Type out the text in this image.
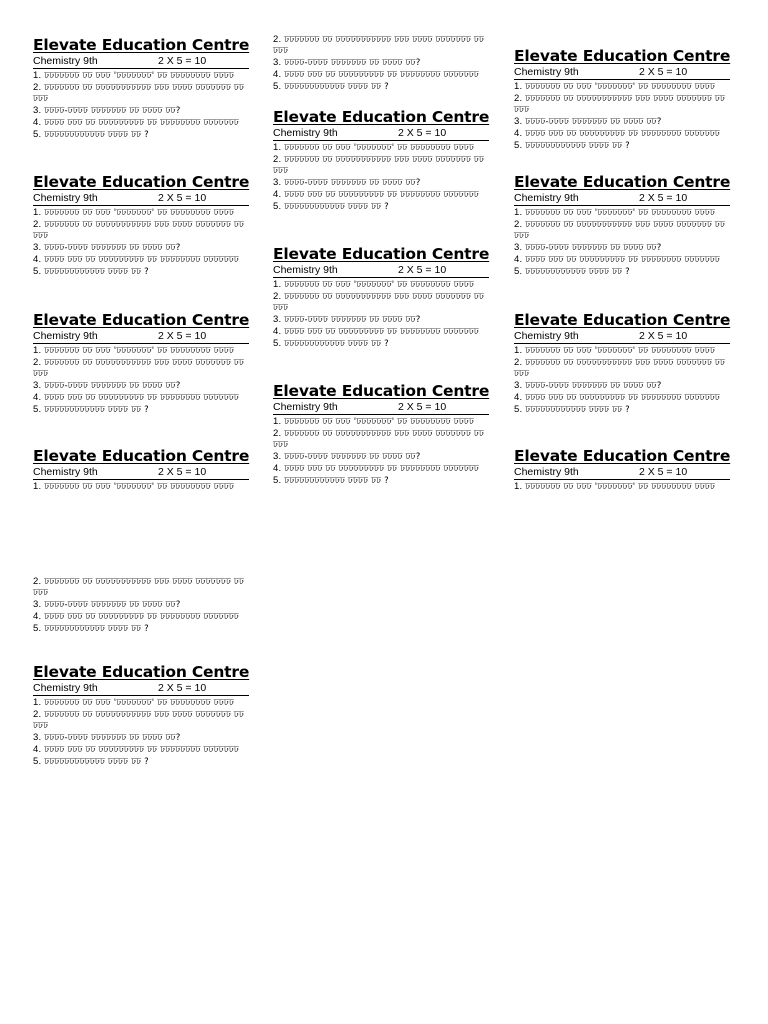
Elevate Education Centre
Chemistry 9th	2 X 5 = 10

1. ঢঢঢঢঢঢঢ ঢঢ ঢঢঢ 'ঢঢঢঢঢঢঢ' ঢঢ ঢঢঢঢঢঢঢঢ ঢঢঢঢ

2. ঢঢঢঢঢঢঢ ঢঢ ঢঢঢঢঢঢঢঢঢঢঢ ঢঢঢ ঢঢঢঢ ঢঢঢঢঢঢঢ ঢঢঢঢঢ

3. ঢঢঢঢ-ঢঢঢঢ ঢঢঢঢঢঢঢ ঢঢ ঢঢঢঢ ঢঢ?

4. ঢঢঢঢ ঢঢঢ ঢঢ ঢঢঢঢঢঢঢঢঢ ঢঢ ঢঢঢঢঢঢঢঢ ঢঢঢঢঢঢঢ

5. ঢঢঢঢঢঢঢঢঢঢঢঢ ঢঢঢঢ ঢঢ ?

Elevate Education Centre
Chemistry 9th	2 X 5 = 10

1. ঢঢঢঢঢঢঢ ঢঢ ঢঢঢ 'ঢঢঢঢঢঢঢ' ঢঢ ঢঢঢঢঢঢঢঢ ঢঢঢঢ

2. ঢঢঢঢঢঢঢ ঢঢ ঢঢঢঢঢঢঢঢঢঢঢ ঢঢঢ ঢঢঢঢ ঢঢঢঢঢঢঢ ঢঢঢঢঢ

3. ঢঢঢঢ-ঢঢঢঢ ঢঢঢঢঢঢঢ ঢঢ ঢঢঢঢ ঢঢ?

4. ঢঢঢঢ ঢঢঢ ঢঢ ঢঢঢঢঢঢঢঢঢ ঢঢ ঢঢঢঢঢঢঢঢ ঢঢঢঢঢঢঢ

5. ঢঢঢঢঢঢঢঢঢঢঢঢ ঢঢঢঢ ঢঢ ?

Elevate Education Centre
Chemistry 9th	2 X 5 = 10

1. ঢঢঢঢঢঢঢ ঢঢ ঢঢঢ 'ঢঢঢঢঢঢঢ' ঢঢ ঢঢঢঢঢঢঢঢ ঢঢঢঢ

2. ঢঢঢঢঢঢঢ ঢঢ ঢঢঢঢঢঢঢঢঢঢঢ ঢঢঢ ঢঢঢঢ ঢঢঢঢঢঢঢ ঢঢঢঢঢ

3. ঢঢঢঢ-ঢঢঢঢ ঢঢঢঢঢঢঢ ঢঢ ঢঢঢঢ ঢঢ?

4. ঢঢঢঢ ঢঢঢ ঢঢ ঢঢঢঢঢঢঢঢঢ ঢঢ ঢঢঢঢঢঢঢঢ ঢঢঢঢঢঢঢ

5. ঢঢঢঢঢঢঢঢঢঢঢঢ ঢঢঢঢ ঢঢ ?

Elevate Education Centre
Chemistry 9th	2 X 5 = 10

1. ঢঢঢঢঢঢঢ ঢঢ ঢঢঢ 'ঢঢঢঢঢঢঢ' ঢঢ ঢঢঢঢঢঢঢঢ ঢঢঢঢ

2. ঢঢঢঢঢঢঢ ঢঢ ঢঢঢঢঢঢঢঢঢঢঢ ঢঢঢ ঢঢঢঢ ঢঢঢঢঢঢঢ ঢঢঢঢঢ

3. ঢঢঢঢ-ঢঢঢঢ ঢঢঢঢঢঢঢ ঢঢ ঢঢঢঢ ঢঢ?

4. ঢঢঢঢ ঢঢঢ ঢঢ ঢঢঢঢঢঢঢঢঢ ঢঢ ঢঢঢঢঢঢঢঢ ঢঢঢঢঢঢঢ

5. ঢঢঢঢঢঢঢঢঢঢঢঢ ঢঢঢঢ ঢঢ ?

Elevate Education Centre
Chemistry 9th	2 X 5 = 10

1. ঢঢঢঢঢঢঢ ঢঢ ঢঢঢ 'ঢঢঢঢঢঢঢ' ঢঢ ঢঢঢঢঢঢঢঢ ঢঢঢঢ

2. ঢঢঢঢঢঢঢ ঢঢ ঢঢঢঢঢঢঢঢঢঢঢ ঢঢঢ ঢঢঢঢ ঢঢঢঢঢঢঢ ঢঢঢঢঢ

3. ঢঢঢঢ-ঢঢঢঢ ঢঢঢঢঢঢঢ ঢঢ ঢঢঢঢ ঢঢ?

4. ঢঢঢঢ ঢঢঢ ঢঢ ঢঢঢঢঢঢঢঢঢ ঢঢ ঢঢঢঢঢঢঢঢ ঢঢঢঢঢঢঢ

5. ঢঢঢঢঢঢঢঢঢঢঢঢ ঢঢঢঢ ঢঢ ?

2. ঢঢঢঢঢঢঢ ঢঢ ঢঢঢঢঢঢঢঢঢঢঢ ঢঢঢ ঢঢঢঢ ঢঢঢঢঢঢঢ ঢঢঢঢঢ

3. ঢঢঢঢ-ঢঢঢঢ ঢঢঢঢঢঢঢ ঢঢ ঢঢঢঢ ঢঢ?

4. ঢঢঢঢ ঢঢঢ ঢঢ ঢঢঢঢঢঢঢঢঢ ঢঢ ঢঢঢঢঢঢঢঢ ঢঢঢঢঢঢঢ

5. ঢঢঢঢঢঢঢঢঢঢঢঢ ঢঢঢঢ ঢঢ ?

Elevate Education Centre
Chemistry 9th	2 X 5 = 10

1. ঢঢঢঢঢঢঢ ঢঢ ঢঢঢ 'ঢঢঢঢঢঢঢ' ঢঢ ঢঢঢঢঢঢঢঢ ঢঢঢঢ

2. ঢঢঢঢঢঢঢ ঢঢ ঢঢঢঢঢঢঢঢঢঢঢ ঢঢঢ ঢঢঢঢ ঢঢঢঢঢঢঢ ঢঢঢঢঢ

3. ঢঢঢঢ-ঢঢঢঢ ঢঢঢঢঢঢঢ ঢঢ ঢঢঢঢ ঢঢ?

4. ঢঢঢঢ ঢঢঢ ঢঢ ঢঢঢঢঢঢঢঢঢ ঢঢ ঢঢঢঢঢঢঢঢ ঢঢঢঢঢঢঢ

5. ঢঢঢঢঢঢঢঢঢঢঢঢ ঢঢঢঢ ঢঢ ?

Elevate Education Centre
Chemistry 9th	2 X 5 = 10

1. ঢঢঢঢঢঢঢ ঢঢ ঢঢঢ 'ঢঢঢঢঢঢঢ' ঢঢ ঢঢঢঢঢঢঢঢ ঢঢঢঢ

2. ঢঢঢঢঢঢঢ ঢঢ ঢঢঢঢঢঢঢঢঢঢঢ ঢঢঢ ঢঢঢঢ ঢঢঢঢঢঢঢ ঢঢঢঢঢ

3. ঢঢঢঢ-ঢঢঢঢ ঢঢঢঢঢঢঢ ঢঢ ঢঢঢঢ ঢঢ?

4. ঢঢঢঢ ঢঢঢ ঢঢ ঢঢঢঢঢঢঢঢঢ ঢঢ ঢঢঢঢঢঢঢঢ ঢঢঢঢঢঢঢ

5. ঢঢঢঢঢঢঢঢঢঢঢঢ ঢঢঢঢ ঢঢ ?

Elevate Education Centre
Chemistry 9th	2 X 5 = 10

1. ঢঢঢঢঢঢঢ ঢঢ ঢঢঢ 'ঢঢঢঢঢঢঢ' ঢঢ ঢঢঢঢঢঢঢঢ ঢঢঢঢ

2. ঢঢঢঢঢঢঢ ঢঢ ঢঢঢঢঢঢঢঢঢঢঢ ঢঢঢ ঢঢঢঢ ঢঢঢঢঢঢঢ ঢঢঢঢঢ

3. ঢঢঢঢ-ঢঢঢঢ ঢঢঢঢঢঢঢ ঢঢ ঢঢঢঢ ঢঢ?

4. ঢঢঢঢ ঢঢঢ ঢঢ ঢঢঢঢঢঢঢঢঢ ঢঢ ঢঢঢঢঢঢঢঢ ঢঢঢঢঢঢঢ

5. ঢঢঢঢঢঢঢঢঢঢঢঢ ঢঢঢঢ ঢঢ ?

Elevate Education Centre
Chemistry 9th	2 X 5 = 10

1. ঢঢঢঢঢঢঢ ঢঢ ঢঢঢ 'ঢঢঢঢঢঢঢ' ঢঢ ঢঢঢঢঢঢঢঢ ঢঢঢঢ

2. ঢঢঢঢঢঢঢ ঢঢ ঢঢঢঢঢঢঢঢঢঢঢ ঢঢঢ ঢঢঢঢ ঢঢঢঢঢঢঢ ঢঢঢঢঢ

3. ঢঢঢঢ-ঢঢঢঢ ঢঢঢঢঢঢঢ ঢঢ ঢঢঢঢ ঢঢ?

4. ঢঢঢঢ ঢঢঢ ঢঢ ঢঢঢঢঢঢঢঢঢ ঢঢ ঢঢঢঢঢঢঢঢ ঢঢঢঢঢঢঢ

5. ঢঢঢঢঢঢঢঢঢঢঢঢ ঢঢঢঢ ঢঢ ?

Elevate Education Centre
Chemistry 9th	2 X 5 = 10

1. ঢঢঢঢঢঢঢ ঢঢ ঢঢঢ 'ঢঢঢঢঢঢঢ' ঢঢ ঢঢঢঢঢঢঢঢ ঢঢঢঢ

2. ঢঢঢঢঢঢঢ ঢঢ ঢঢঢঢঢঢঢঢঢঢঢ ঢঢঢ ঢঢঢঢ ঢঢঢঢঢঢঢ ঢঢঢঢঢ

3. ঢঢঢঢ-ঢঢঢঢ ঢঢঢঢঢঢঢ ঢঢ ঢঢঢঢ ঢঢ?

4. ঢঢঢঢ ঢঢঢ ঢঢ ঢঢঢঢঢঢঢঢঢ ঢঢ ঢঢঢঢঢঢঢঢ ঢঢঢঢঢঢঢ

5. ঢঢঢঢঢঢঢঢঢঢঢঢ ঢঢঢঢ ঢঢ ?

Elevate Education Centre
Chemistry 9th	2 X 5 = 10

1. ঢঢঢঢঢঢঢ ঢঢ ঢঢঢ 'ঢঢঢঢঢঢঢ' ঢঢ ঢঢঢঢঢঢঢঢ ঢঢঢঢ

2. ঢঢঢঢঢঢঢ ঢঢ ঢঢঢঢঢঢঢঢঢঢঢ ঢঢঢ ঢঢঢঢ ঢঢঢঢঢঢঢ ঢঢঢঢঢ

3. ঢঢঢঢ-ঢঢঢঢ ঢঢঢঢঢঢঢ ঢঢ ঢঢঢঢ ঢঢ?

4. ঢঢঢঢ ঢঢঢ ঢঢ ঢঢঢঢঢঢঢঢঢ ঢঢ ঢঢঢঢঢঢঢঢ ঢঢঢঢঢঢঢ

5. ঢঢঢঢঢঢঢঢঢঢঢঢ ঢঢঢঢ ঢঢ ?

Elevate Education Centre
Chemistry 9th	2 X 5 = 10

1. ঢঢঢঢঢঢঢ ঢঢ ঢঢঢ 'ঢঢঢঢঢঢঢ' ঢঢ ঢঢঢঢঢঢঢঢ ঢঢঢঢ
